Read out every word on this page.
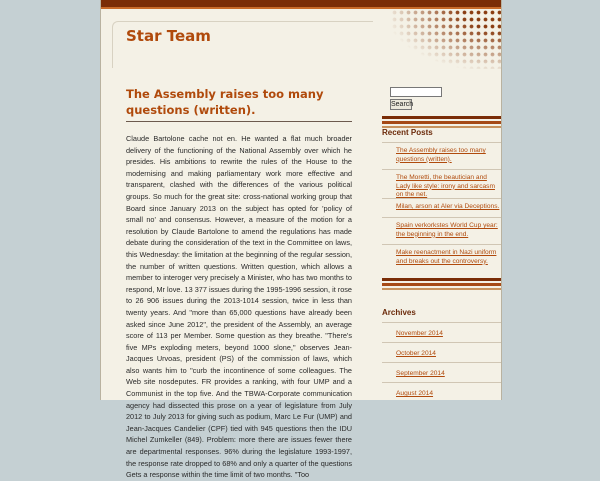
Star Team
The Assembly raises too many questions (written).
Claude Bartolone cache not en. He wanted a flat much broader delivery of the functioning of the National Assembly over which he presides. His ambitions to rewrite the rules of the House to the modernising and making parliamentary work more effective and transparent, clashed with the differences of the various political groups. So much for the great site: cross-national working group that Board since January 2013 on the subject has opted for 'policy of small no' and consensus. However, a measure of the motion for a resolution by Claude Bartolone to amend the regulations has made debate during the consideration of the text in the Committee on laws, this Wednesday: the limitation at the beginning of the regular session, the number of written questions. Written question, which allows a member to interoger very precisely a Minister, who has two months to respond, Mr love. 13 377 issues during the 1995-1996 session, it rose to 26 906 issues during the 2013-1014 session, twice in less than twenty years. And "more than 65,000 questions have already been asked since June 2012", the president of the Assembly, an average score of 113 per Member. Some question as they breathe. "There's five MPs exploding meters, beyond 1000 slone," observes Jean-Jacques Urvoas, president (PS) of the commission of laws, which also wants him to "curb the incontinence of some colleagues. The Web site nosdeputes. FR provides a ranking, with four UMP and a Communist in the top five. And the TBWA-Corporate communication agency had dissected this prose on a year of legislature from July 2012 to July 2013 for giving such as podium, Marc Le Fur (UMP) and Jean-Jacques Candelier (CPF) tied with 945 questions then the IDU Michel Zumkeller (849). Problem: more there are issues fewer there are departmental responses. 96% during the legislature 1993-1997, the response rate dropped to 68% and only a quarter of the questions Gets a response within the time limit of two months. "Too
Search
Recent Posts
The Assembly raises too many questions (written).
The Moretti, the beautician and Lady like style: irony and sarcasm on the net.
Milan, arson at Aler via Deceptions.
Spain verkorkstes World Cup year: the beginning in the end.
Make reenactment in Nazi uniform and breaks out the controversy.
Archives
November 2014
October 2014
September 2014
August 2014
